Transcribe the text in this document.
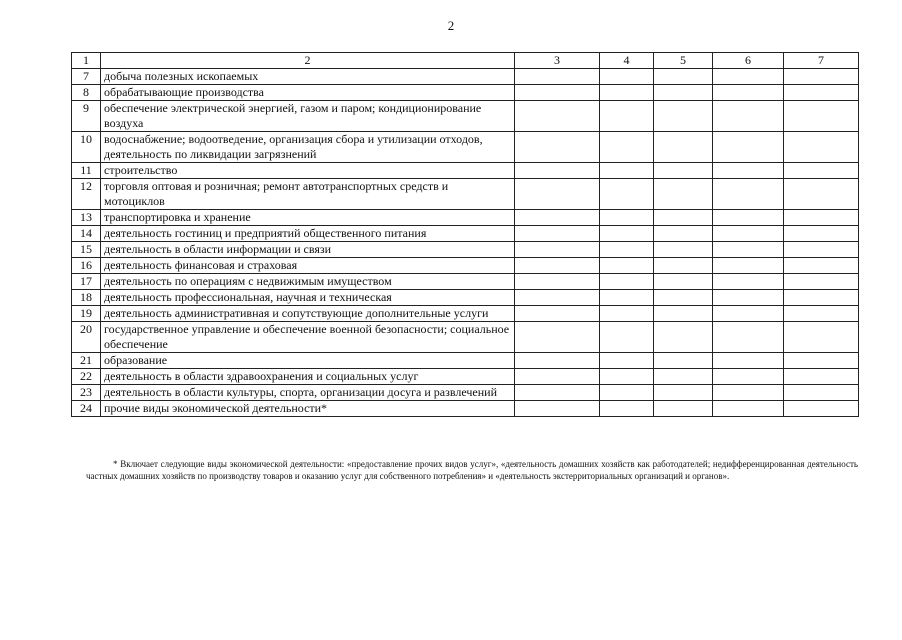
2
1	2	3	4	5	6	7
7	добыча полезных ископаемых					
8	обрабатывающие производства					
9	обеспечение электрической энергией, газом и паром; кондиционирование воздуха					
10	водоснабжение; водоотведение, организация сбора и утилизации отходов, деятельность по ликвидации загрязнений					
11	строительство					
12	торговля оптовая и розничная; ремонт автотранспортных средств и мотоциклов					
13	транспортировка и хранение					
14	деятельность гостиниц и предприятий общественного питания					
15	деятельность в области информации и связи					
16	деятельность финансовая и страховая					
17	деятельность по операциям с недвижимым имуществом					
18	деятельность профессиональная, научная и техническая					
19	деятельность административная и сопутствующие дополнительные услуги					
20	государственное управление и обеспечение военной безопасности; социальное обеспечение					
21	образование					
22	деятельность в области здравоохранения и социальных услуг					
23	деятельность в области культуры, спорта, организации досуга и развлечений					
24	прочие виды экономической деятельности*					
* Включает следующие виды экономической деятельности: «предоставление прочих видов услуг», «деятельность домашних хозяйств как работодателей; недифференцированная деятельность частных домашних хозяйств по производству товаров и оказанию услуг для собственного потребления» и «деятельность экстерриториальных организаций и органов».
